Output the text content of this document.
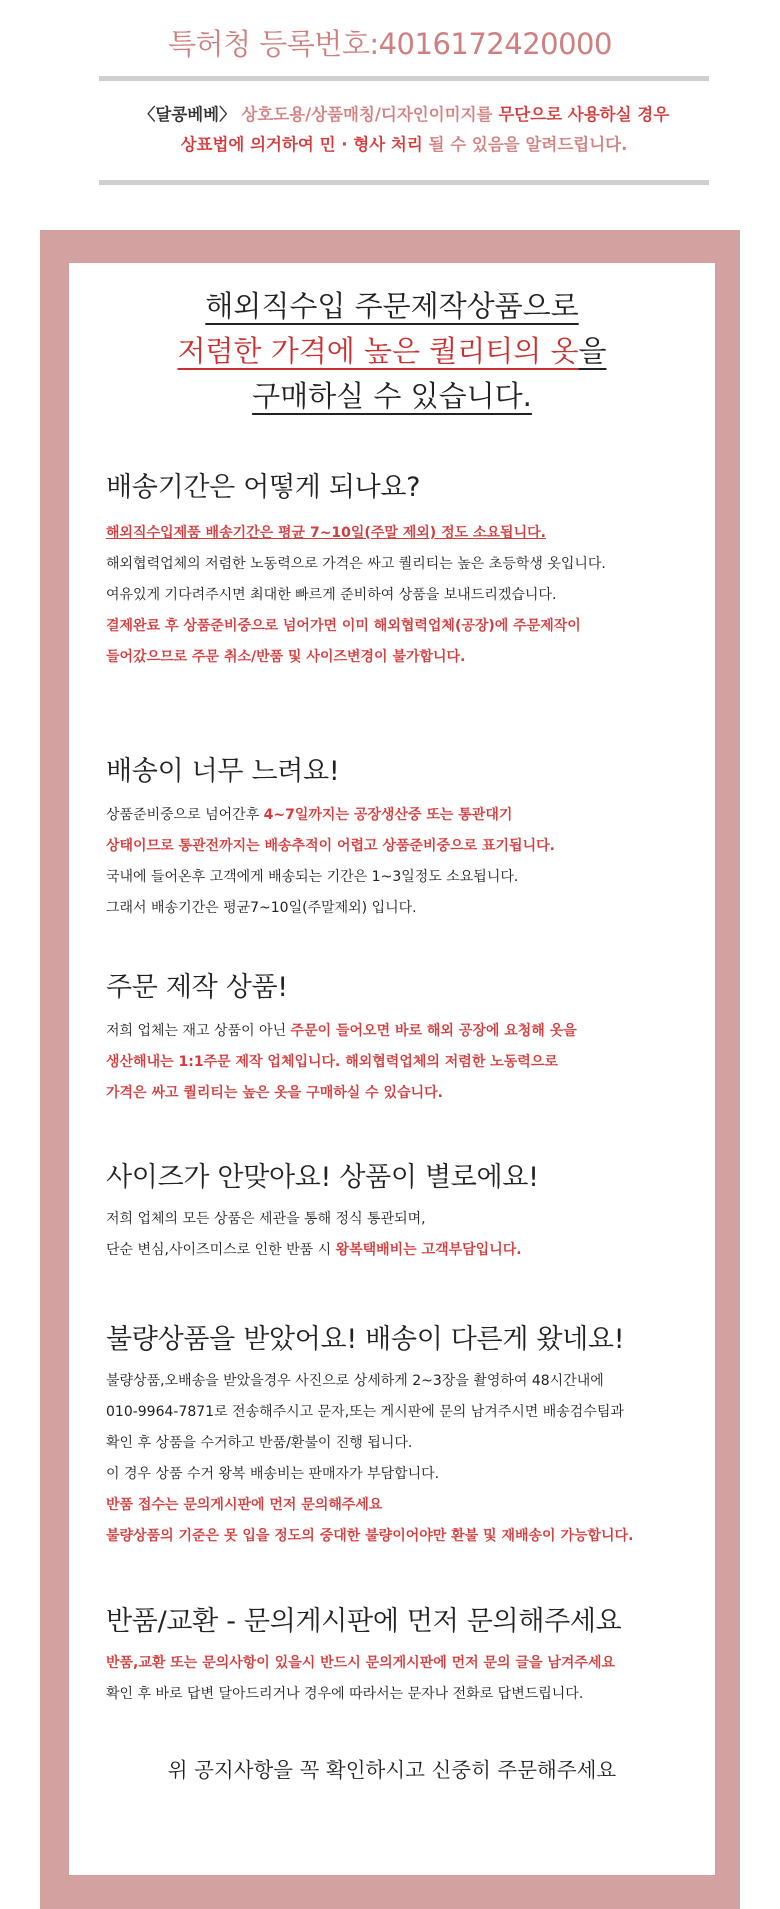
특허청 등록번호:4016172420000
〈달콩베베〉 상호도용/상품매칭/디자인이미지를 무단으로 사용하실 경우
상표법에 의거하여 민 · 형사 처리 될 수 있음을 알려드립니다.
해외직수입 주문제작상품으로
저렴한 가격에 높은 퀄리티의 옷을
구매하실 수 있습니다.
배송기간은 어떻게 되나요?

해외직수입제품 배송기간은 평균 7~10일(주말 제외) 정도 소요됩니다.

해외협력업체의 저렴한 노동력으로 가격은 싸고 퀄리티는 높은 초등학생 옷입니다.

여유있게 기다려주시면 최대한 빠르게 준비하여 상품을 보내드리겠습니다.

결제완료 후 상품준비중으로 넘어가면 이미 해외협력업체(공장)에 주문제작이

들어갔으므로 주문 취소/반품 및 사이즈변경이 불가합니다.

배송이 너무 느려요!

상품준비중으로 넘어간후 4~7일까지는 공장생산중 또는 통관대기

상태이므로 통관전까지는 배송추적이 어렵고 상품준비중으로 표기됩니다.

국내에 들어온후 고객에게 배송되는 기간은 1~3일정도 소요됩니다.

그래서 배송기간은 평균7~10일(주말제외) 입니다.

주문 제작 상품!

저희 업체는 재고 상품이 아닌 주문이 들어오면 바로 해외 공장에 요청해 옷을

생산해내는 1:1주문 제작 업체입니다. 해외협력업체의 저렴한 노동력으로

가격은 싸고 퀄리티는 높은 옷을 구매하실 수 있습니다.

사이즈가 안맞아요! 상품이 별로에요!

저희 업체의 모든 상품은 세관을 통해 정식 통관되며,

단순 변심,사이즈미스로 인한 반품 시 왕복택배비는 고객부담입니다.

불량상품을 받았어요! 배송이 다른게 왔네요!

불량상품,오배송을 받았을경우 사진으로 상세하게 2~3장을 촬영하여 48시간내에

010-9964-7871로 전송해주시고 문자,또는 게시판에 문의 남겨주시면 배송검수팀과

확인 후 상품을 수거하고 반품/환불이 진행 됩니다.

이 경우 상품 수거 왕복 배송비는 판매자가 부담합니다.

반품 접수는 문의게시판에 먼저 문의해주세요

불량상품의 기준은 못 입을 정도의 중대한 불량이어야만 환불 및 재배송이 가능합니다.

반품/교환 - 문의게시판에 먼저 문의해주세요

반품,교환 또는 문의사항이 있을시 반드시 문의게시판에 먼저 문의 글을 남겨주세요

확인 후 바로 답변 달아드리거나 경우에 따라서는 문자나 전화로 답변드립니다.

위 공지사항을 꼭 확인하시고 신중히 주문해주세요
